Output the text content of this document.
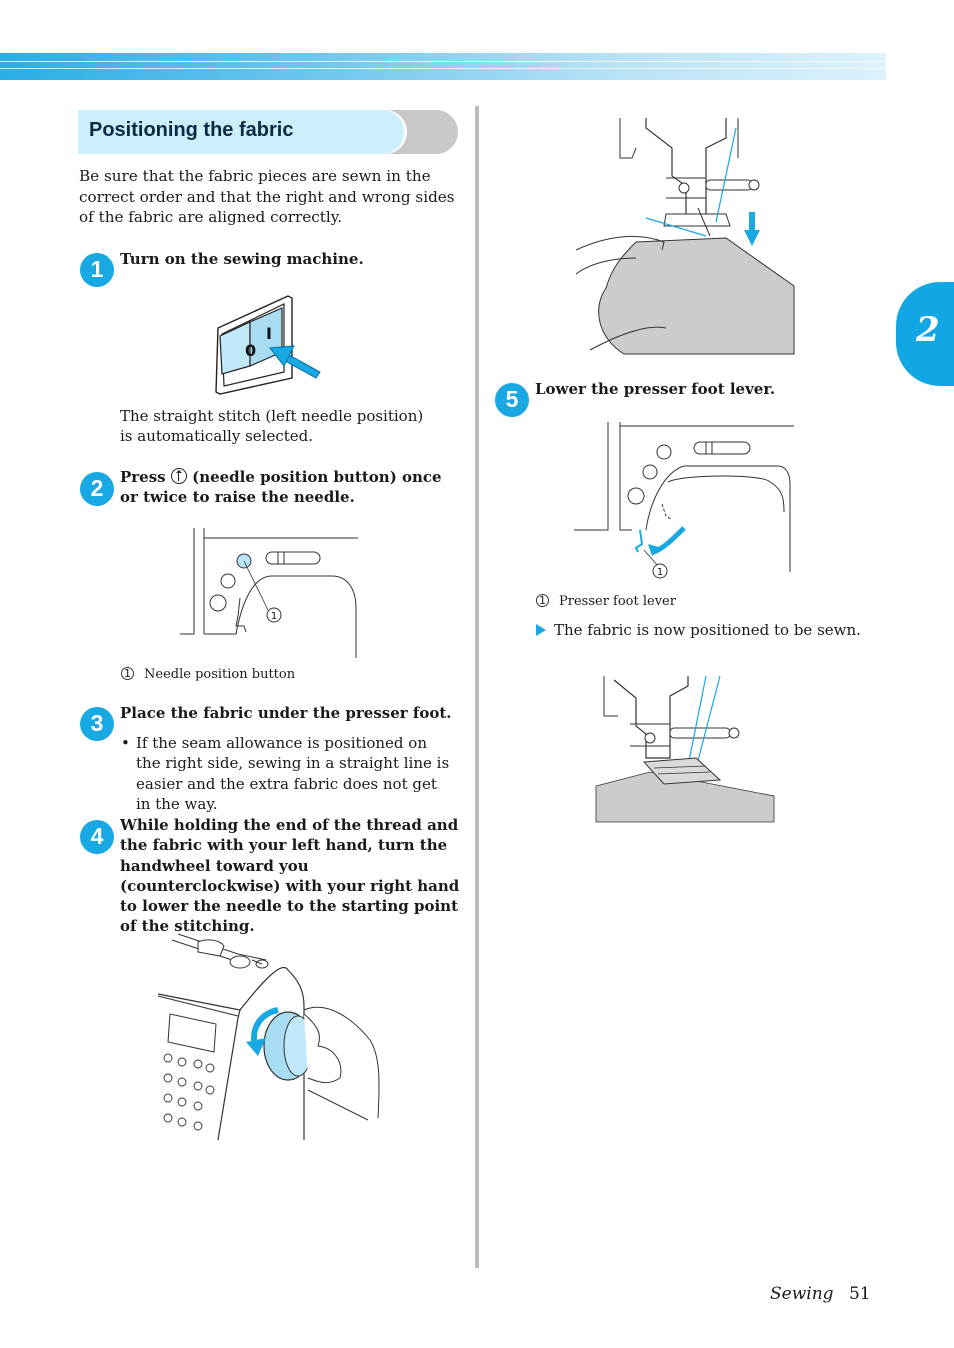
2
Positioning the fabric

Be sure that the fabric pieces are sewn in the correct order and that the right and wrong sides of the fabric are aligned correctly.

1	Turn on the sewing machine.

0
I

The straight stitch (left needle position) is automatically selected.

2	Press (needle position button) once or twice to raise the needle.

1

1 Needle position button

3	Place the fabric under the presser foot.

• If the seam allowance is positioned on the right side, sewing in a straight line is easier and the extra fabric does not get in the way.

4	While holding the end of the thread and the fabric with your left hand, turn the handwheel toward you (counterclockwise) with your right hand to lower the needle to the starting point of the stitching.

5	Lower the presser foot lever.

1

1 Presser foot lever

The fabric is now positioned to be sewn.

Sewing 51
